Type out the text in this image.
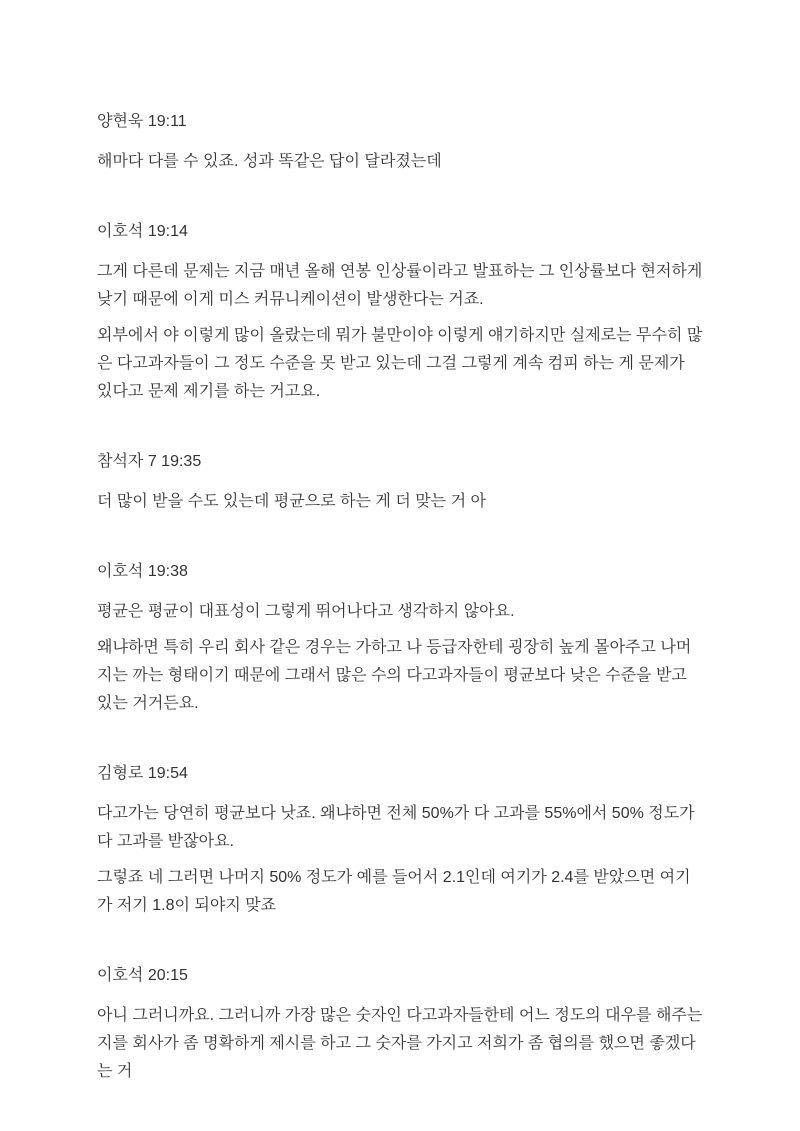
양현욱 19:11

해마다 다를 수 있죠. 성과 똑같은 답이 달라졌는데

이호석 19:14

그게 다른데 문제는 지금 매년 올해 연봉 인상률이라고 발표하는 그 인상률보다 현저하게 낮기 때문에 이게 미스 커뮤니케이션이 발생한다는 거죠.

외부에서 야 이렇게 많이 올랐는데 뭐가 불만이야 이렇게 얘기하지만 실제로는 무수히 많은 다고과자들이 그 정도 수준을 못 받고 있는데 그걸 그렇게 계속 컴피 하는 게 문제가 있다고 문제 제기를 하는 거고요.

참석자 7 19:35

더 많이 받을 수도 있는데 평균으로 하는 게 더 맞는 거 아

이호석 19:38

평균은 평균이 대표성이 그렇게 뛰어나다고 생각하지 않아요.

왜냐하면 특히 우리 회사 같은 경우는 가하고 나 등급자한테 굉장히 높게 몰아주고 나머지는 까는 형태이기 때문에 그래서 많은 수의 다고과자들이 평균보다 낮은 수준을 받고 있는 거거든요.

김형로 19:54

다고가는 당연히 평균보다 낫죠. 왜냐하면 전체 50%가 다 고과를 55%에서 50% 정도가 다 고과를 받잖아요.

그렇죠 네 그러면 나머지 50% 정도가 예를 들어서 2.1인데 여기가 2.4를 받았으면 여기가 저기 1.8이 되야지 맞죠

이호석 20:15

아니 그러니까요. 그러니까 가장 많은 숫자인 다고과자들한테 어느 정도의 대우를 해주는지를 회사가 좀 명확하게 제시를 하고 그 숫자를 가지고 저희가 좀 협의를 했으면 좋겠다는 거
